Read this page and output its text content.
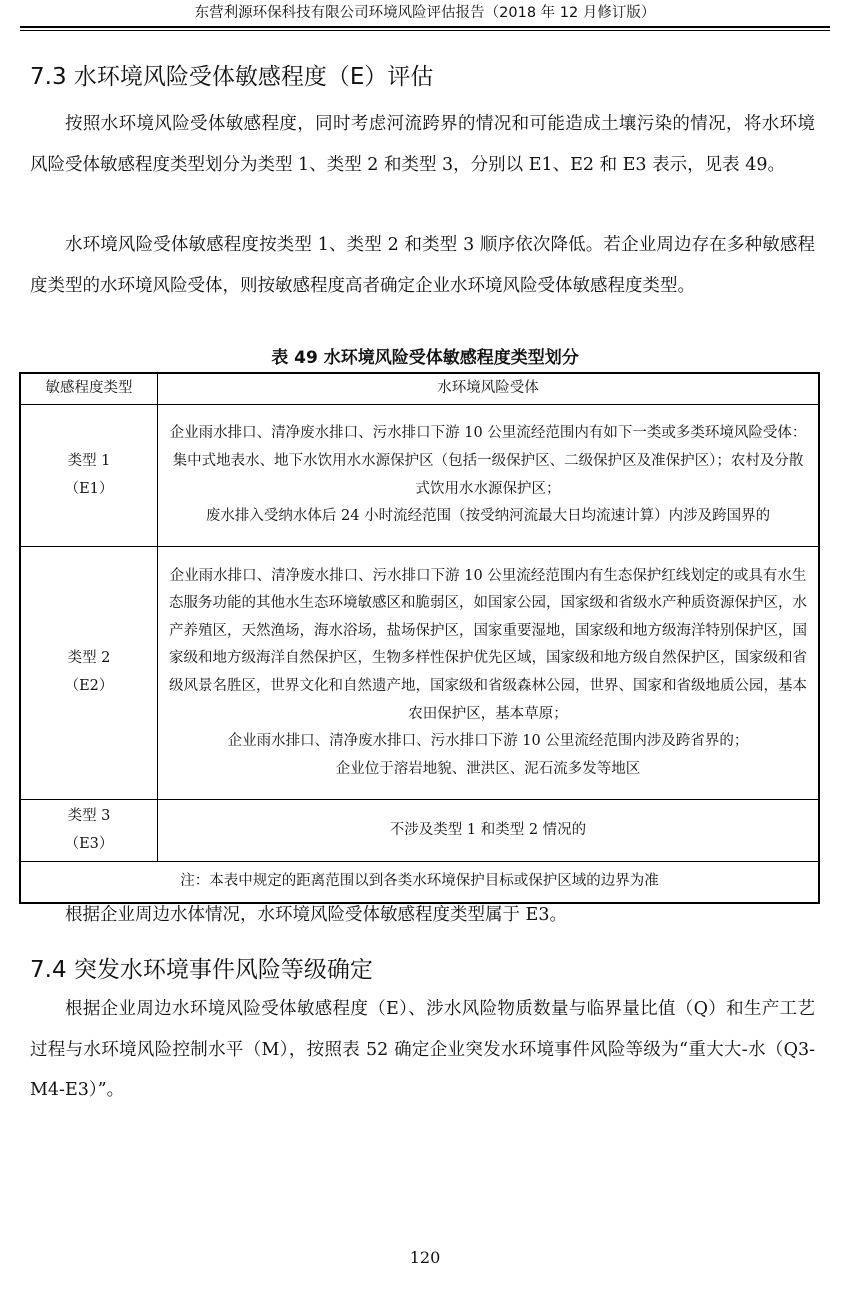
东营利源环保科技有限公司环境风险评估报告（2018 年 12 月修订版）
7.3 水环境风险受体敏感程度（E）评估

按照水环境风险受体敏感程度，同时考虑河流跨界的情况和可能造成土壤污染的情况，将水环境风险受体敏感程度类型划分为类型 1、类型 2 和类型 3，分别以 E1、E2 和 E3 表示，见表 49。

水环境风险受体敏感程度按类型 1、类型 2 和类型 3 顺序依次降低。若企业周边存在多种敏感程度类型的水环境风险受体，则按敏感程度高者确定企业水环境风险受体敏感程度类型。

表 49 水环境风险受体敏感程度类型划分
敏感程度类型	水环境风险受体

类型 1
（E1）	企业雨水排口、清净废水排口、污水排口下游 10 公里流经范围内有如下一类或多类环境风险受体：集中式地表水、地下水饮用水水源保护区（包括一级保护区、二级保护区及准保护区）；农村及分散式饮用水水源保护区；
废水排入受纳水体后 24 小时流经范围（按受纳河流最大日均流速计算）内涉及跨国界的

类型 2
（E2）	企业雨水排口、清净废水排口、污水排口下游 10 公里流经范围内有生态保护红线划定的或具有水生态服务功能的其他水生态环境敏感区和脆弱区，如国家公园，国家级和省级水产种质资源保护区，水产养殖区，天然渔场，海水浴场，盐场保护区，国家重要湿地，国家级和地方级海洋特别保护区，国家级和地方级海洋自然保护区，生物多样性保护优先区域，国家级和地方级自然保护区，国家级和省级风景名胜区，世界文化和自然遗产地，国家级和省级森林公园，世界、国家和省级地质公园，基本农田保护区，基本草原；
企业雨水排口、清净废水排口、污水排口下游 10 公里流经范围内涉及跨省界的；
企业位于溶岩地貌、泄洪区、泥石流多发等地区

类型 3
（E3）	不涉及类型 1 和类型 2 情况的

注：本表中规定的距离范围以到各类水环境保护目标或保护区域的边界为准	

根据企业周边水体情况，水环境风险受体敏感程度类型属于 E3。

7.4 突发水环境事件风险等级确定

根据企业周边水环境风险受体敏感程度（E）、涉水风险物质数量与临界量比值（Q）和生产工艺过程与水环境风险控制水平（M），按照表 52 确定企业突发水环境事件风险等级为“重大大-水（Q3-M4-E3）”。

120
